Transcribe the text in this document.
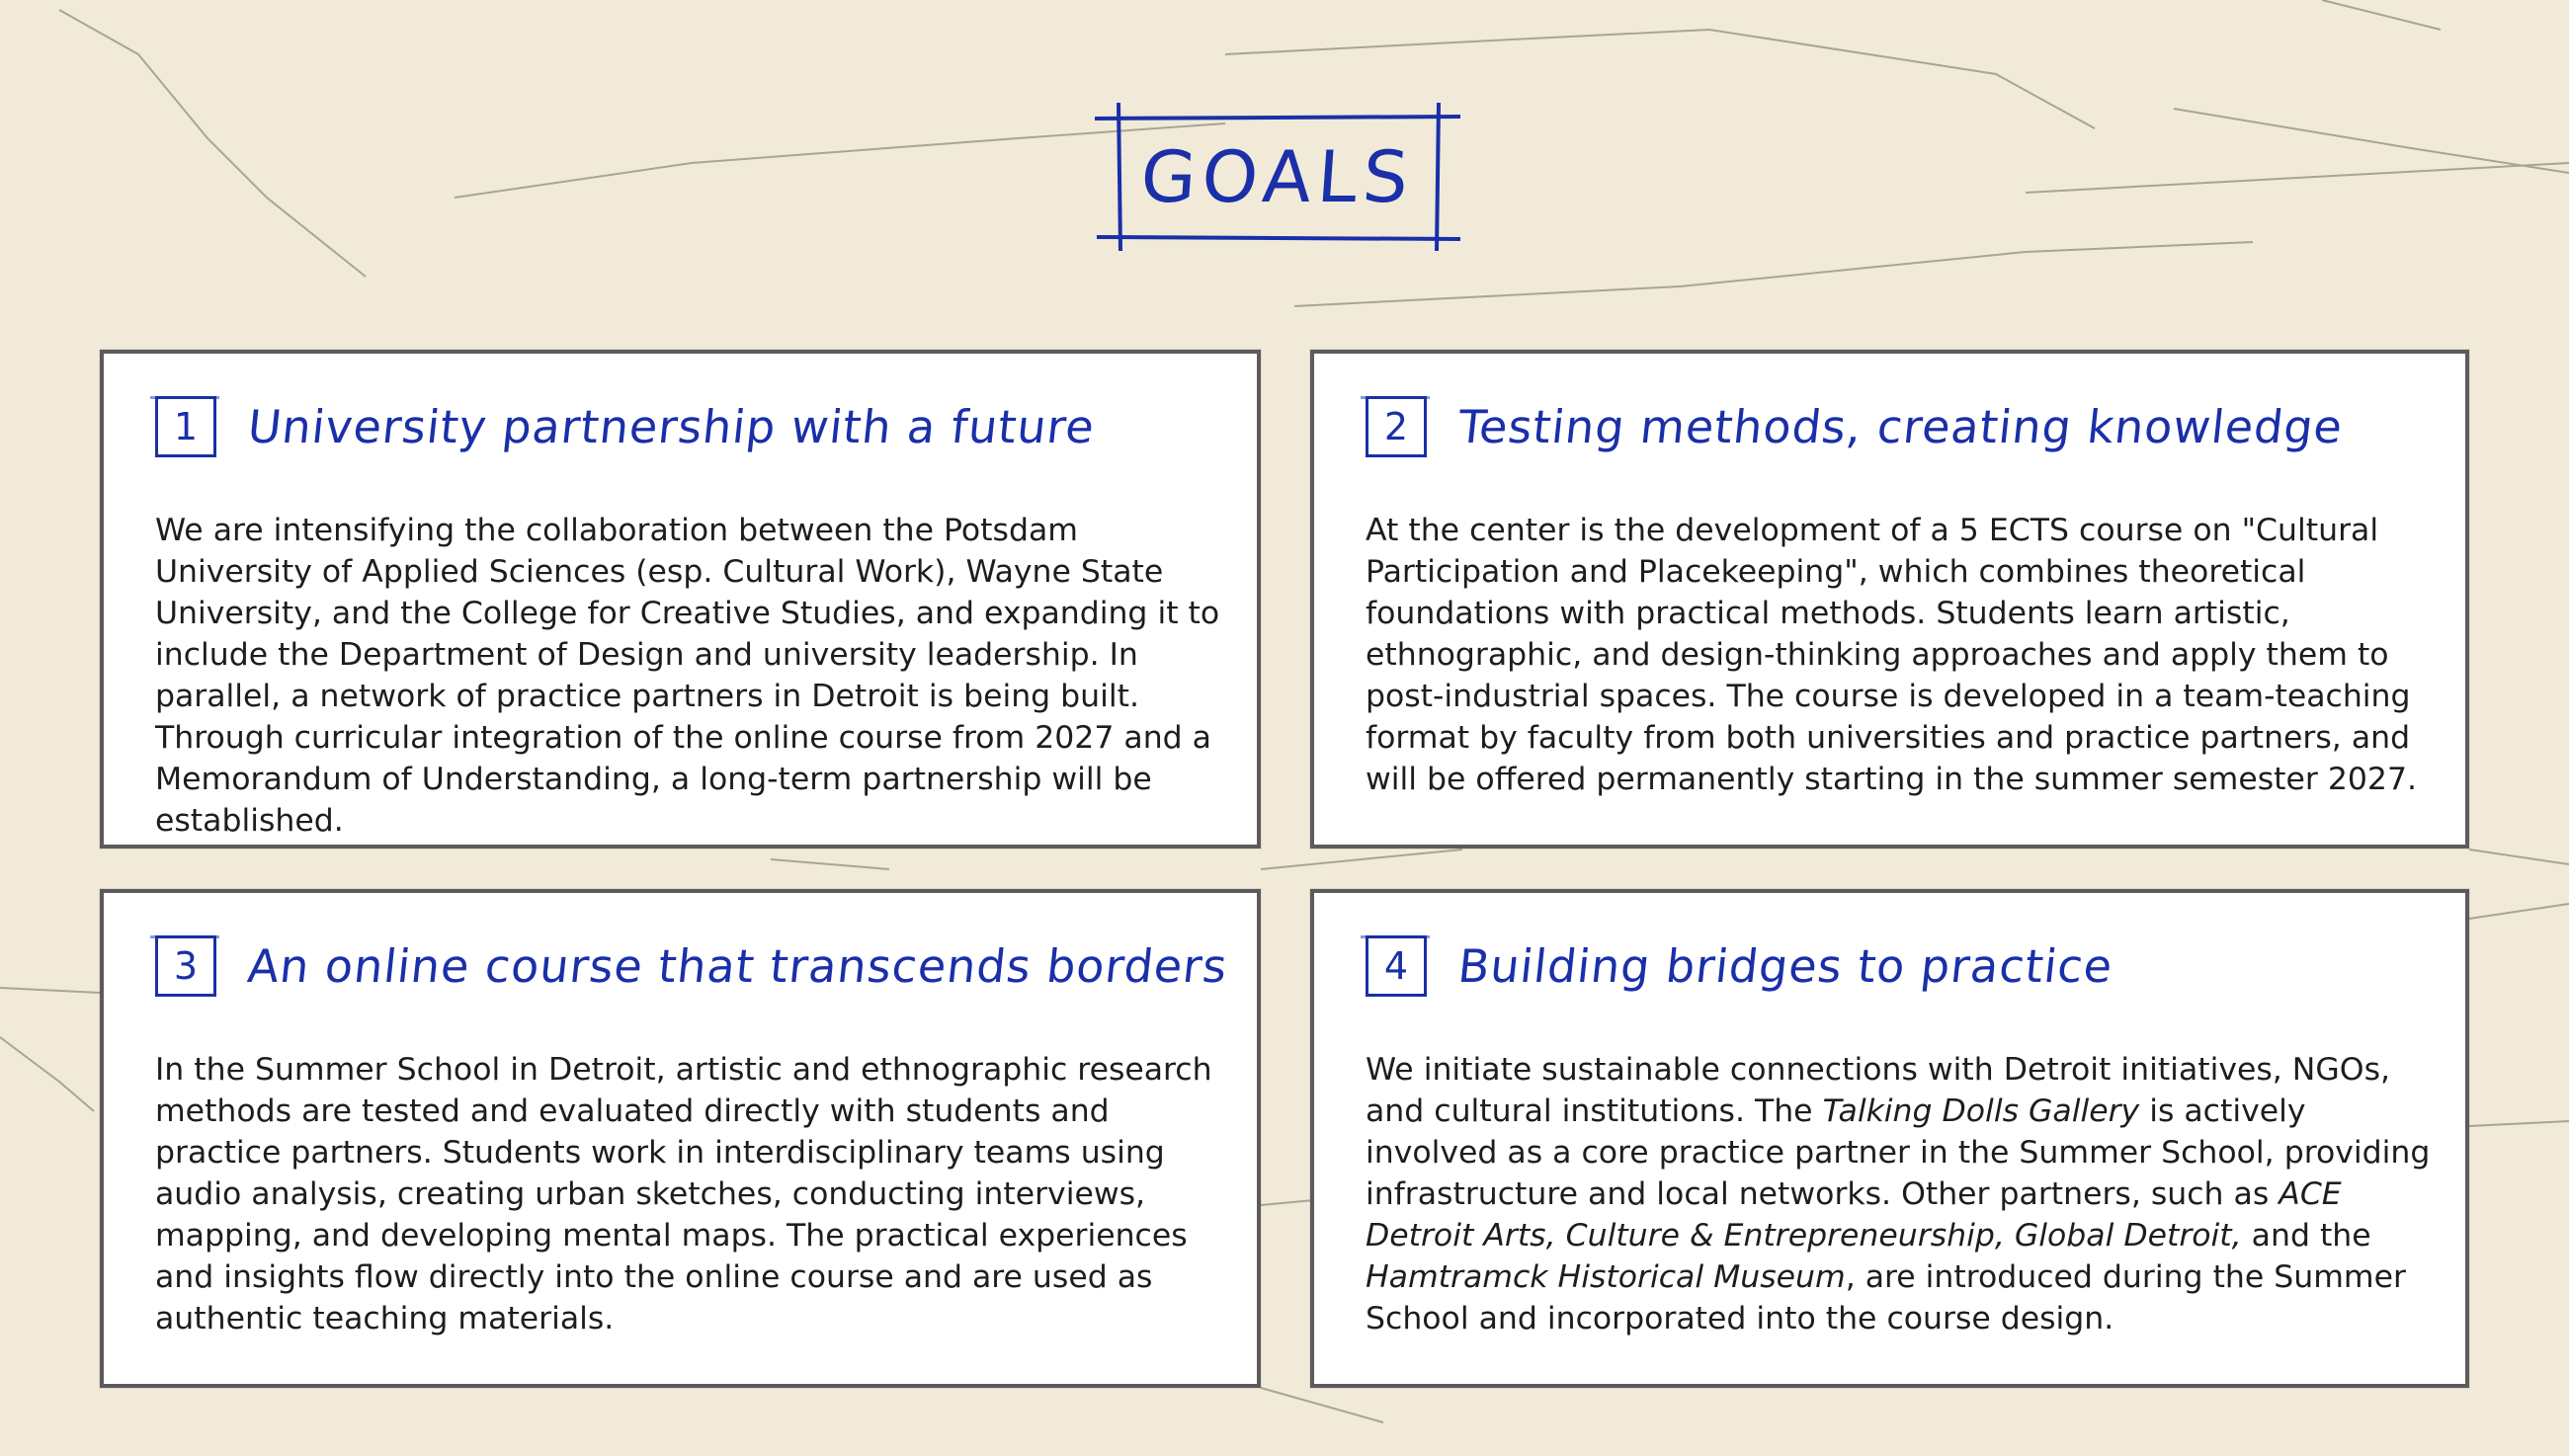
GOALS
1	University partnership with a future
We are intensifying the collaboration between the Potsdam University of Applied Sciences (esp. Cultural Work), Wayne State University, and the College for Creative Studies, and expanding it to include the Department of Design and university leadership. In parallel, a network of practice partners in Detroit is being built. Through curricular integration of the online course from 2027 and a Memorandum of Understanding, a long-term partnership will be established.
2	Testing methods, creating knowledge
At the center is the development of a 5 ECTS course on "Cultural Participation and Placekeeping", which combines theoretical foundations with practical methods. Students learn artistic, ethnographic, and design-thinking approaches and apply them to post-industrial spaces. The course is developed in a team-teaching format by faculty from both universities and practice partners, and will be offered permanently starting in the summer semester 2027.
3	An online course that transcends borders
In the Summer School in Detroit, artistic and ethnographic research methods are tested and evaluated directly with students and practice partners. Students work in interdisciplinary teams using audio analysis, creating urban sketches, conducting interviews, mapping, and developing mental maps. The practical experiences and insights flow directly into the online course and are used as authentic teaching materials.
4	Building bridges to practice
We initiate sustainable connections with Detroit initiatives, NGOs, and cultural institutions. The Talking Dolls Gallery is actively involved as a core practice partner in the Summer School, providing infrastructure and local networks. Other partners, such as ACE Detroit Arts, Culture & Entrepreneurship, Global Detroit, and the Hamtramck Historical Museum, are introduced during the Summer School and incorporated into the course design.
